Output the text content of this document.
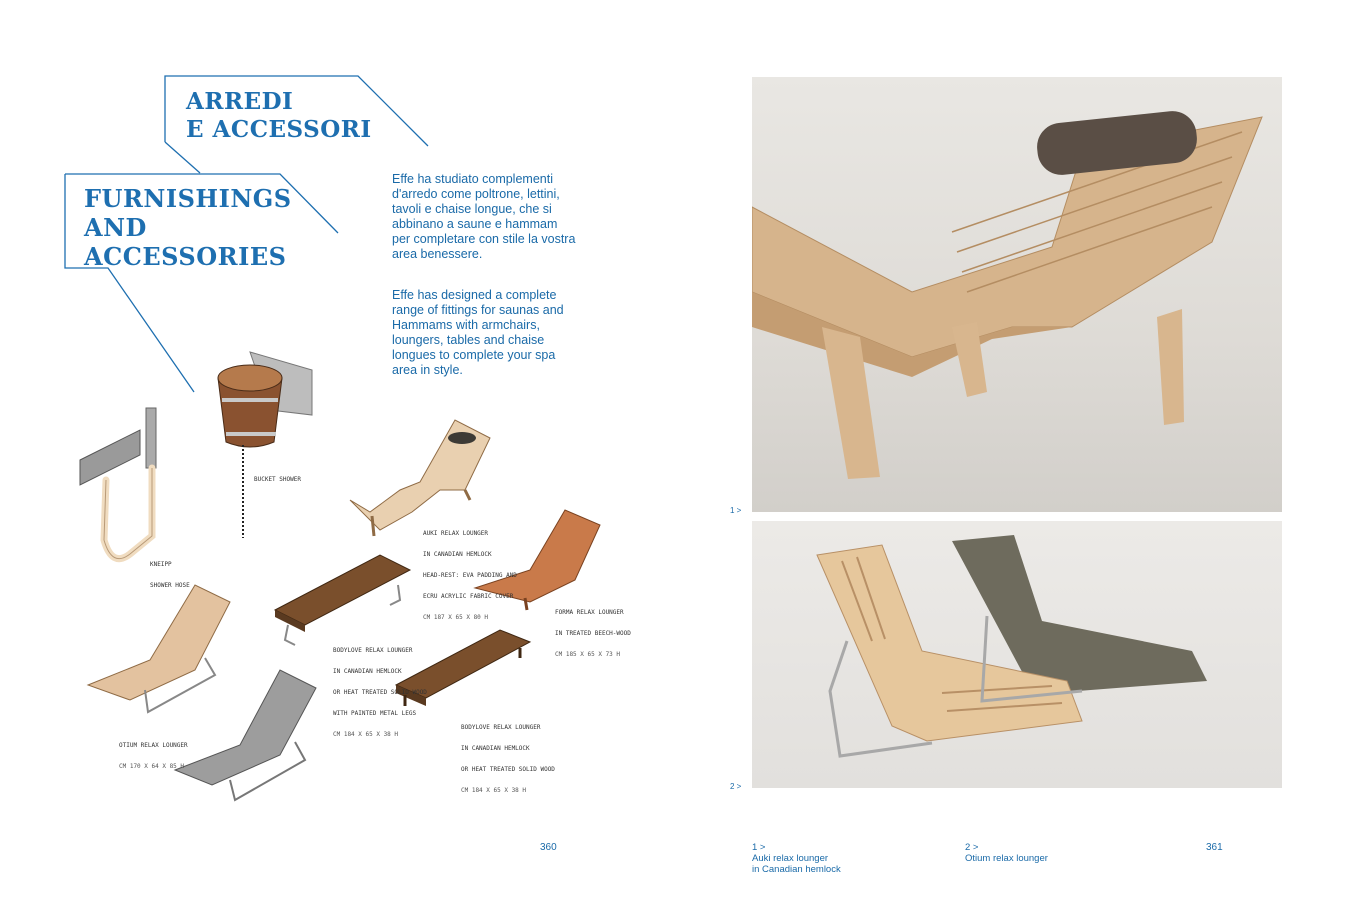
ARREDI
E ACCESSORI
FURNISHINGS
AND
ACCESSORIES
Effe ha studiato complementi d'arredo come poltrone, lettini, tavoli e chaise longue, che si abbinano a saune e hammam per completare con stile la vostra area benessere.
Effe has designed a complete range of fittings for saunas and Hammams with armchairs, loungers, tables and chaise longues to complete your spa area in style.

BUCKET SHOWER

KNEIPP

SHOWER HOSE

AUKI RELAX LOUNGER

IN CANADIAN HEMLOCK

HEAD-REST: EVA PADDING AND

ECRU ACRYLIC FABRIC COVER

CM 187 X 65 X 80 H

FORMA RELAX LOUNGER

IN TREATED BEECH-WOOD

CM 185 X 65 X 73 H

BODYLOVE RELAX LOUNGER

IN CANADIAN HEMLOCK

OR HEAT TREATED SOLID WOOD

WITH PAINTED METAL LEGS

CM 184 X 65 X 38 H

BODYLOVE RELAX LOUNGER

IN CANADIAN HEMLOCK

OR HEAT TREATED SOLID WOOD

CM 184 X 65 X 38 H

OTIUM RELAX LOUNGER

CM 170 X 64 X 85 H

360
1 >
2 >
1 >
Auki relax lounger
in Canadian hemlock
2 >
Otium relax lounger
361
